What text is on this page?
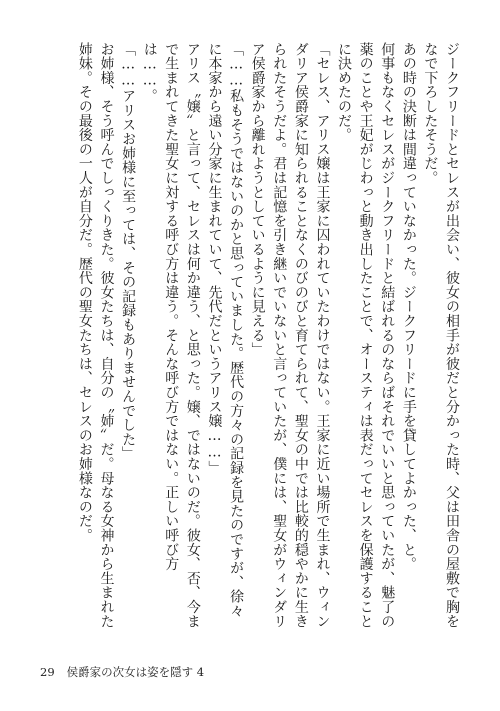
ジークフリードとセレスが出会い、彼女の相手が彼だと分かった時、父は田舎の屋敷で胸をなで下ろしたそうだ。

あの時の決断は間違っていなかった。ジークフリードに手を貸してよかった、と。

何事もなくセレスがジークフリードと結ばれるのならばそれでいいと思っていたが、魅了の薬のことや王妃がじわっと動き出したことで、オースティは表だってセレスを保護することに決めたのだ。

「セレス、アリス嬢は王家に囚われていたわけではない。王家に近い場所で生まれ、ウィンダリア侯爵家に知られることなくのびのびと育てられて、聖女の中では比較的穏やかに生きられたそうだよ。君は記憶を引き継いでいないと言っていたが、僕には、聖女がウィンダリア侯爵家から離れようとしているように見える」

「……私もそうではないのかと思っていました。歴代の方々の記録を見たのですが、徐々に本家から遠い分家に生まれていて、先代だというアリス嬢……」

アリス〝嬢〟と言って、セレスは何か違う、と思った。嬢、ではないのだ。彼女、否、今まで生まれてきた聖女に対する呼び方は違う。そんな呼び方ではない。正しい呼び方は……。

「……アリスお姉様に至っては、その記録もありませんでした」

お姉様、そう呼んでしっくりきた。彼女たちは、自分の〝姉〟だ。母なる女神から生まれた姉妹。その最後の一人が自分だ。歴代の聖女たちは、セレスのお姉様なのだ。

29 侯爵家の次女は姿を隠す 4
